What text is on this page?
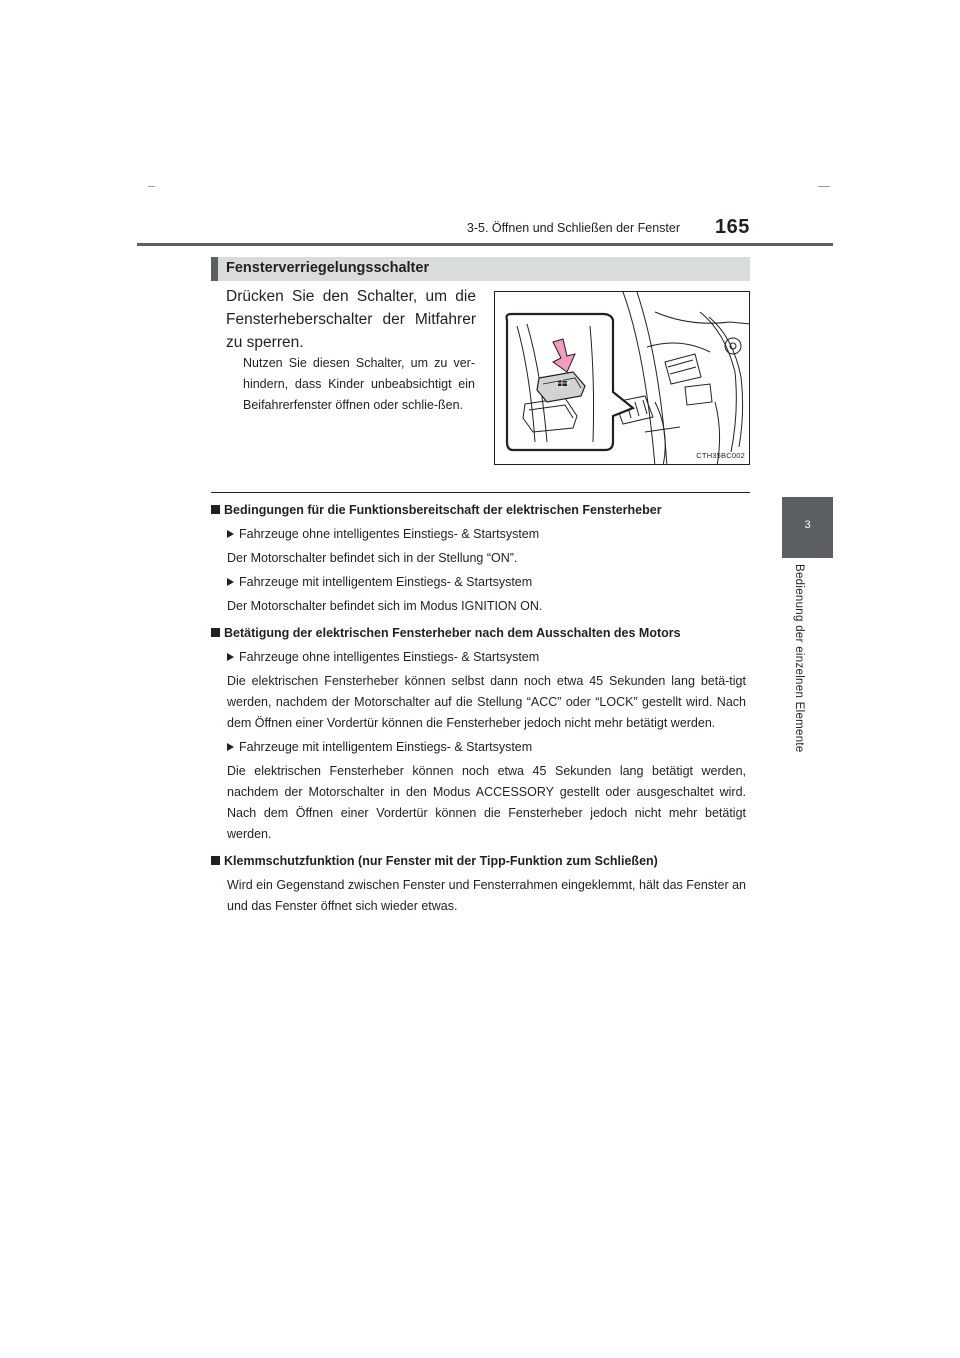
3-5. Öffnen und Schließen der Fenster 165
3
Bedienung der einzelnen Elemente
Fensterverriegelungsschalter
Drücken Sie den Schalter, um die Fensterheberschalter der Mitfahrer zu sperren.
Nutzen Sie diesen Schalter, um zu ver-hindern, dass Kinder unbeabsichtigt ein Beifahrerfenster öffnen oder schlie-ßen.
CTH35BC002
Bedingungen für die Funktionsbereitschaft der elektrischen Fensterheber
Fahrzeuge ohne intelligentes Einstiegs- & Startsystem
Der Motorschalter befindet sich in der Stellung “ON”.
Fahrzeuge mit intelligentem Einstiegs- & Startsystem
Der Motorschalter befindet sich im Modus IGNITION ON.
Betätigung der elektrischen Fensterheber nach dem Ausschalten des Motors
Fahrzeuge ohne intelligentes Einstiegs- & Startsystem
Die elektrischen Fensterheber können selbst dann noch etwa 45 Sekunden lang betä-tigt werden, nachdem der Motorschalter auf die Stellung “ACC” oder “LOCK” gestellt wird. Nach dem Öffnen einer Vordertür können die Fensterheber jedoch nicht mehr betätigt werden.
Fahrzeuge mit intelligentem Einstiegs- & Startsystem
Die elektrischen Fensterheber können noch etwa 45 Sekunden lang betätigt werden, nachdem der Motorschalter in den Modus ACCESSORY gestellt oder ausgeschaltet wird. Nach dem Öffnen einer Vordertür können die Fensterheber jedoch nicht mehr betätigt werden.
Klemmschutzfunktion (nur Fenster mit der Tipp-Funktion zum Schließen)
Wird ein Gegenstand zwischen Fenster und Fensterrahmen eingeklemmt, hält das Fenster an und das Fenster öffnet sich wieder etwas.
